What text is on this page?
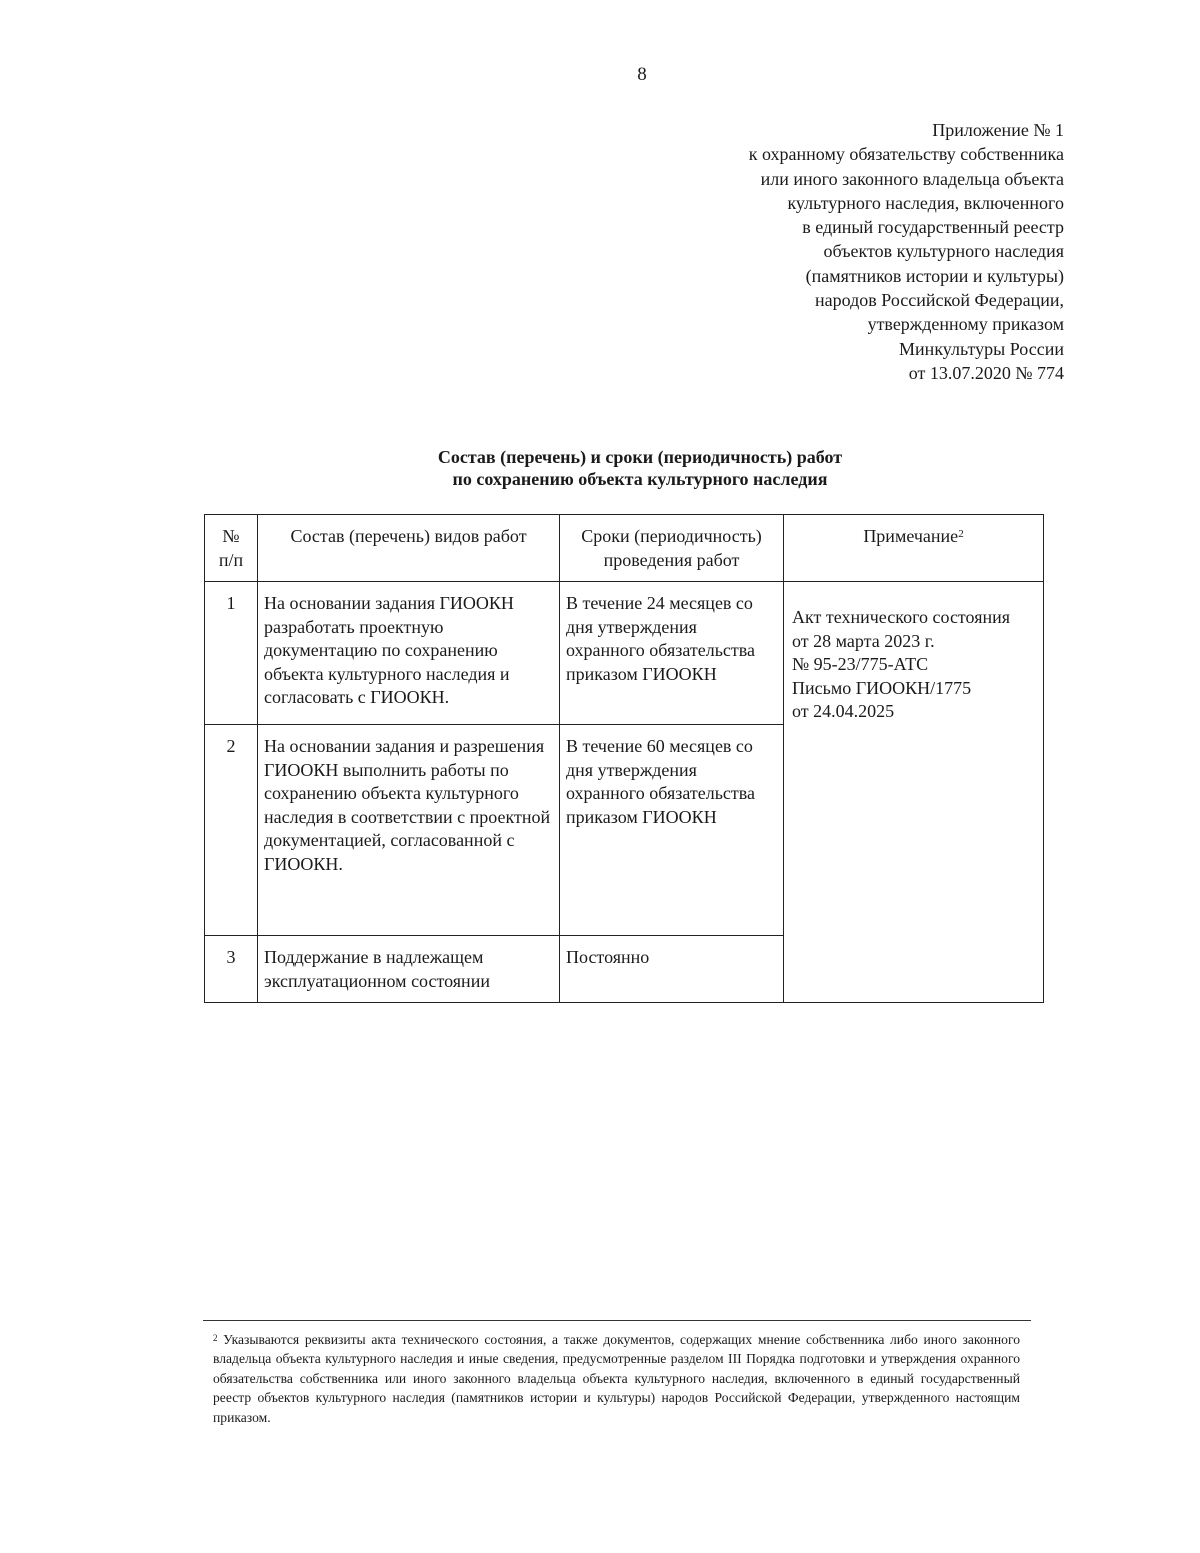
8
Приложение № 1
к охранному обязательству собственника
или иного законного владельца объекта
культурного наследия, включенного
в единый государственный реестр
объектов культурного наследия
(памятников истории и культуры)
народов Российской Федерации,
утвержденному приказом
Минкультуры России
от 13.07.2020 № 774
Состав (перечень) и сроки (периодичность) работ
по сохранению объекта культурного наследия
№
п/п	Состав (перечень) видов работ	Сроки (периодичность) проведения работ	Примечание$^2$
1	На основании задания ГИООКН разработать проектную документацию по сохранению объекта культурного наследия и согласовать с ГИООКН.	В течение 24 месяцев со дня утверждения охранного обязательства приказом ГИООКН	Акт технического состояния
от 28 марта 2023 г.
№ 95-23/775-АТС
Письмо ГИООКН/1775
от 24.04.2025

2	На основании задания и разрешения ГИООКН выполнить работы по сохранению объекта культурного наследия в соответствии с проектной документацией, согласованной с ГИООКН.	В течение 60 месяцев со дня утверждения охранного обязательства приказом ГИООКН	
3	Поддержание в надлежащем эксплуатационном состоянии	Постоянно	
$^2$ Указываются реквизиты акта технического состояния, а также документов, содержащих мнение собственника либо иного законного владельца объекта культурного наследия и иные сведения, предусмотренные разделом III Порядка подготовки и утверждения охранного обязательства собственника или иного законного владельца объекта культурного наследия, включенного в единый государственный реестр объектов культурного наследия (памятников истории и культуры) народов Российской Федерации, утвержденного настоящим приказом.
